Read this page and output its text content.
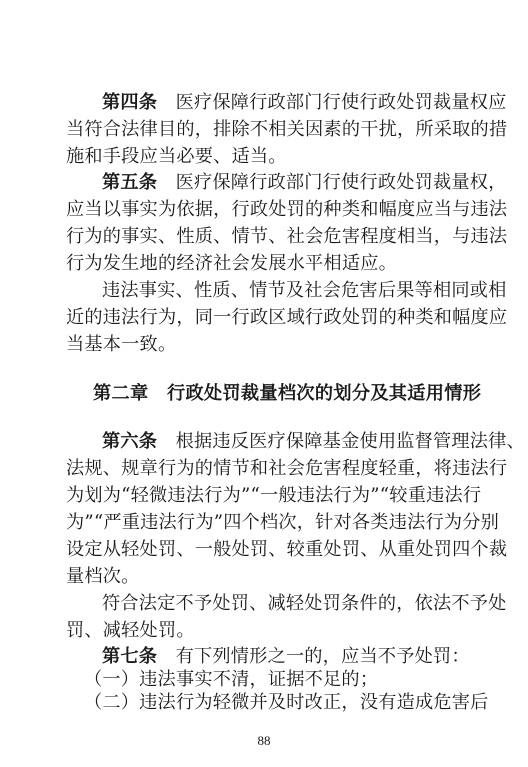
第四条　 医疗保障行政部门行使行政处罚裁量权应
当符合法律目的，排除不相关因素的干扰，所采取的措
施和手段应当必要、适当。
第五条　 医疗保障行政部门行使行政处罚裁量权，
应当以事实为依据，行政处罚的种类和幅度应当与违法
行为的事实、性质、情节、社会危害程度相当，与违法
行为发生地的经济社会发展水平相适应。
违法事实、性质、情节及社会危害后果等相同或相
近的违法行为，同一行政区域行政处罚的种类和幅度应
当基本一致。
第二章　行政处罚裁量档次的划分及其适用情形
第六条　 根据违反医疗保障基金使用监督管理法律、
法规、规章行为的情节和社会危害程度轻重，将违法行
为划为“轻微违法行为”“一般违法行为”“较重违法行
为”“严重违法行为”四个档次，针对各类违法行为分别
设定从轻处罚、一般处罚、较重处罚、从重处罚四个裁
量档次。
符合法定不予处罚、减轻处罚条件的，依法不予处
罚、减轻处罚。
第七条　 有下列情形之一的，应当不予处罚：
（一）违法事实不清，证据不足的；
（二）违法行为轻微并及时改正，没有造成危害后
88
